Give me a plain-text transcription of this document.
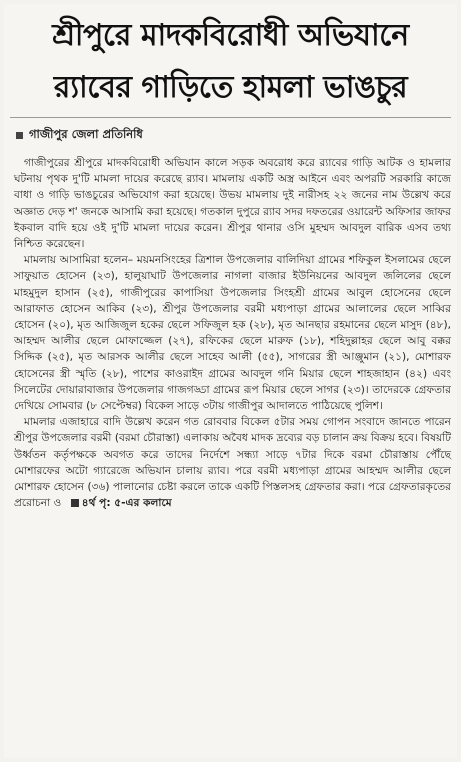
শ্রীপুরে মাদকবিরোধী অভিযানে
র‌্যাবের গাড়িতে হামলা ভাঙচুর
গাজীপুর জেলা প্রতিনিধি

গাজীপুরের শ্রীপুরে মাদকবিরোধী অভিযান কালে সড়ক অবরোধ করে র‌্যাবের গাড়ি আটক ও হামলার ঘটনায় পৃথক দু'টি মামলা দায়ের করেছে র‌্যাব। মামলায় একটি অস্ত্র আইনে এবং অপরটি সরকারি কাজে বাধা ও গাড়ি ভাঙচুরের অভিযোগ করা হয়েছে। উভয় মামলায় দুই নারীসহ ২২ জনের নাম উল্লেখ করে অজ্ঞাত দেড় শ' জনকে আসামি করা হয়েছে। গতকাল দুপুরে র‌্যাব সদর দফতরের ওয়ারেন্ট অফিসার জাফর ইকবাল বাদি হয়ে ওই দু'টি মামলা দায়ের করেন। শ্রীপুর থানার ওসি মুহম্মদ আবদুল বারিক এসব তথ্য নিশ্চিত করেছেন।

মামলায় আসামিরা হলেন– ময়মনসিংহের ত্রিশাল উপজেলার বালিদিয়া গ্রামের শফিকুল ইসলামের ছেলে সাফুয়াত হোসেন (২৩), হালুয়াঘাট উপজেলার নাগলা বাজার ইউনিয়নের আবদুল জলিলের ছেলে মাহমুদুল হাসান (২৫), গাজীপুরের কাপাসিয়া উপজেলার সিংহশ্রী গ্রামের আবুল হোসেনের ছেলে আরাফাত হোসেন আকিব (২৩), শ্রীপুর উপজেলার বরমী মধ্যপাড়া গ্রামের আলালের ছেলে সাব্বির হোসেন (২০), মৃত আজিজুল হকের ছেলে সফিজুল হক (২৮), মৃত আনছার রহমানের ছেলে মাসুদ (৪৮), আহম্মদ আলীর ছেলে মোফাজ্জেল (২৭), রফিকের ছেলে মারুফ (১৮), শহিদুল্লাহর ছেলে আবু বক্কর সিদ্দিক (২৫), মৃত আরসক আলীর ছেলে সাহেব আলী (৫৫), সাগরের স্ত্রী আঞ্জুমান (২১), মোশারফ হোসেনের স্ত্রী স্মৃতি (২৮), পাশের কাওরাইদ গ্রামের আবদুল গনি মিয়ার ছেলে শাহজাহান (৪২) এবং সিলেটের দোয়ারাবাজার উপজেলার গাজগড্ডা গ্রামের রূপ মিয়ার ছেলে সাগর (২৩)। তাদেরকে গ্রেফতার দেখিয়ে সোমবার (৮ সেপ্টেম্বর) বিকেল সাড়ে ৩টায় গাজীপুর আদালতে পাঠিয়েছে পুলিশ।

মামলার এজাহারে বাদি উল্লেখ করেন গত রোববার বিকেল ৫টার সময় গোপন সংবাদে জানতে পারেন শ্রীপুর উপজেলার বরমী (বরমা চৌরাস্তা) এলাকায় অবৈধ মাদক দ্রব্যের বড় চালান ক্রয় বিক্রয় হবে। বিষয়টি উর্ধ্বতন কর্তৃপক্ষকে অবগত করে তাদের নির্দেশে সন্ধ্যা সাড়ে ৭টার দিকে বরমা চৌরাস্তায় পৌঁছে মোশারফের অটো গ্যারেজে অভিযান চালায় র‌্যাব। পরে বরমী মধ্যপাড়া গ্রামের আহম্মদ আলীর ছেলে মোশারফ হোসেন (৩৬) পালানোর চেষ্টা করলে তাকে একটি পিস্তলসহ গ্রেফতার করা। পরে গ্রেফতারকৃতের প্ররোচনা ও ৪র্থ পৃ: ৫-এর কলামে
